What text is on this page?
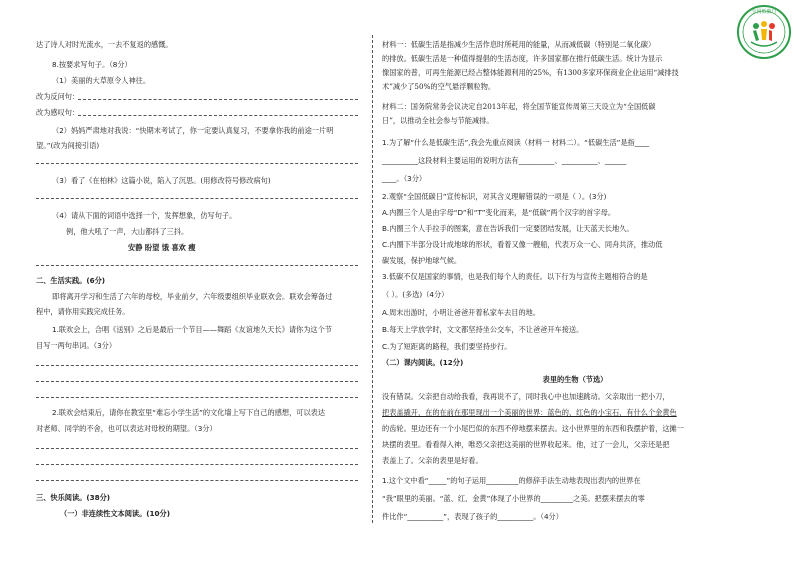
达了诗人对时光流水，一去不复返的感慨。
8.按要求写句子。（8分）
（1）美丽的大草原令人神往。
改为反问句：
改为感叹句：
（2）妈妈严肃地对我说：“快期末考试了，你一定要认真复习，不要拿你我的前途一片明
望。”(改为间接引语)
（3）看了《在柏林》这篇小说，陷入了沉思。(用修改符号修改病句)
（4）请从下面的词语中选择一个，发挥想象，仿写句子。
例，他大吼了一声，大山都抖了三抖。
安静 盼望 饿 喜欢 瘦
二、生活实践。(6分)
即将离开学习和生活了六年的母校，毕业前夕，六年级要组织毕业联欢会。联欢会筹备过
程中，请你用实践完成任务。
1.联欢会上，合唱《送别》之后是最后一个节目——舞蹈《友谊地久天长》请你为这个节
目写一两句串词。（3分）
2.联欢会结束后，请你在教室里“难忘小学生活”的文化墙上写下自己的感想，可以表达
对老师、同学的不舍，也可以表达对母校的期望。（3分）
三、快乐阅读。(38分)
（一）非连续性文本阅读。(10分)
材料一：低碳生活是指减少生活作息时所耗用的能量，从而减低碳（特别是二氧化碳）
的排放。低碳生活是一种值得提倡的生活态度，许多国家都在推行低碳生活。统计为显示
像国家的普，可再生能源已经占整体能源利用的25%，有1300多家环保商业企业运用“减排技
术”减少了50%的空气悬浮颗粒物。
材料二：国务院常务会议决定自2013年起，将全国节能宣传周第三天设立为“全国低碳
日”，以推动全社会参与节能减排。
1.为了解“什么是低碳生活”,我会先重点阅读（材料一 材料二）。“低碳生活”是指____
__________这段材料主要运用的说明方法有__________、__________、______
____。（3分）
2.观察“全国低碳日”宣传标识，对其含义理解错误的一项是（ ）。(3分)
A.内圈三个人是由字母“D”和“T”变化而来，是“低碳”两个汉字的首字母。
B.内圈三个人手拉手的图案，意在告诉我们一定要团结发展，让天蓝天长地久。
C.内圈下半部分设计成地球的形状，看着又像一艘船，代表万众一心、同舟共济，推动低
碳发展，保护地球气候。
3.低碳不仅是国家的事情，也是我们每个人的责任。以下行为与宣传主题相符合的是
（ ）。(多选)（4分）
A.周末出游时，小明让爸爸开着私家车去目的地。
B.每天上学放学时，文文都坚持坐公交车，不让爸爸开车接送。
C.为了短距离的路程，我们要坚持步行。
（二）课内阅读。(12分)
表里的生物（节选）
没有错误。父亲把自动给我看，我再说不了，同时我心中也加速跳动。父亲取出一把小刀，
把表盖撬开，在的在前在那里现出一个美丽的世界：蓝色的、红色的小宝石，有什么个金黄色
的齿轮。里边还有一个小尾巴似的东西不停地摆来摆去。这小世界里的东西和我摆护着，这摊一
块摆的表里。看看得入神，唯恐父亲把这美丽的世界收起来。他，过了一会儿，父亲还是把
表盖上了。父亲的表里是好看。
1.这个文中看“_____”的句子运用_________的修辞手法生动地表现出表内的世界在
“我”眼里的美丽。“蓝、红、金黄”体现了小世界的_________之美。把摆来摆去的零
件比作“__________”，表现了孩子的__________。（4分）
全国低碳日
